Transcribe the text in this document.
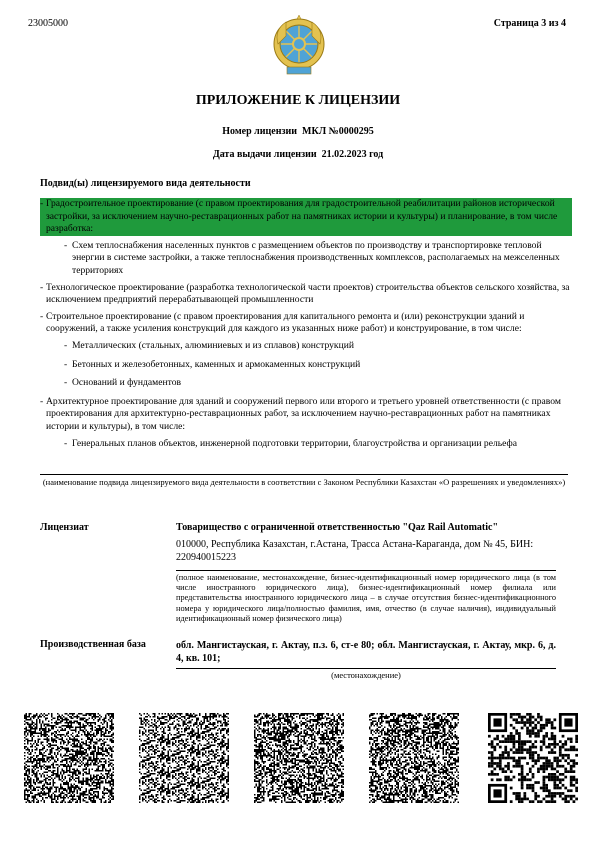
23005000	Страница 3 из 4
ПРИЛОЖЕНИЕ К ЛИЦЕНЗИИ
Номер лицензии МКЛ №0000295
Дата выдачи лицензии 21.02.2023 год
Подвид(ы) лицензируемого вида деятельности
- Градостроительное проектирование (с правом проектирования для градостроительной реабилитации районов исторической застройки, за исключением научно-реставрационных работ на памятниках истории и культуры) и планирование, в том числе разработка:
- Схем теплоснабжения населенных пунктов с размещением объектов по производству и транспортировке тепловой энергии в системе застройки, а также теплоснабжения производственных комплексов, располагаемых на межселенных территориях
- Технологическое проектирование (разработка технологической части проектов) строительства объектов сельского хозяйства, за исключением предприятий перерабатывающей промышленности
- Строительное проектирование (с правом проектирования для капитального ремонта и (или) реконструкции зданий и сооружений, а также усиления конструкций для каждого из указанных ниже работ) и конструирование, в том числе:
- Металлических (стальных, алюминиевых и из сплавов) конструкций
- Бетонных и железобетонных, каменных и армокаменных конструкций
- Оснований и фундаментов
- Архитектурное проектирование для зданий и сооружений первого или второго и третьего уровней ответственности (с правом проектирования для архитектурно-реставрационных работ, за исключением научно-реставрационных работ на памятниках истории и культуры), в том числе:
- Генеральных планов объектов, инженерной подготовки территории, благоустройства и организации рельефа
(наименование подвида лицензируемого вида деятельности в соответствии с Законом Республики Казахстан «О разрешениях и уведомлениях»)
Лицензиат	Товарищество с ограниченной ответственностью "Qaz Rail Automatic"
010000, Республика Казахстан, г.Астана, Трасса Астана-Караганда, дом № 45, БИН: 220940015223
(полное наименование, местонахождение, бизнес-идентификационный номер юридического лица (в том числе иностранного юридического лица), бизнес-идентификационный номер филиала или представительства иностранного юридического лица – в случае отсутствия бизнес-идентификационного номера у юридического лица/полностью фамилия, имя, отчество (в случае наличия), индивидуальный идентификационный номер физического лица)
Производственная база	обл. Мангистауская, г. Актау, п.з. 6, ст-е 80; обл. Мангистауская, г. Актау, мкр. 6, д. 4, кв. 101;
(местонахождение)
